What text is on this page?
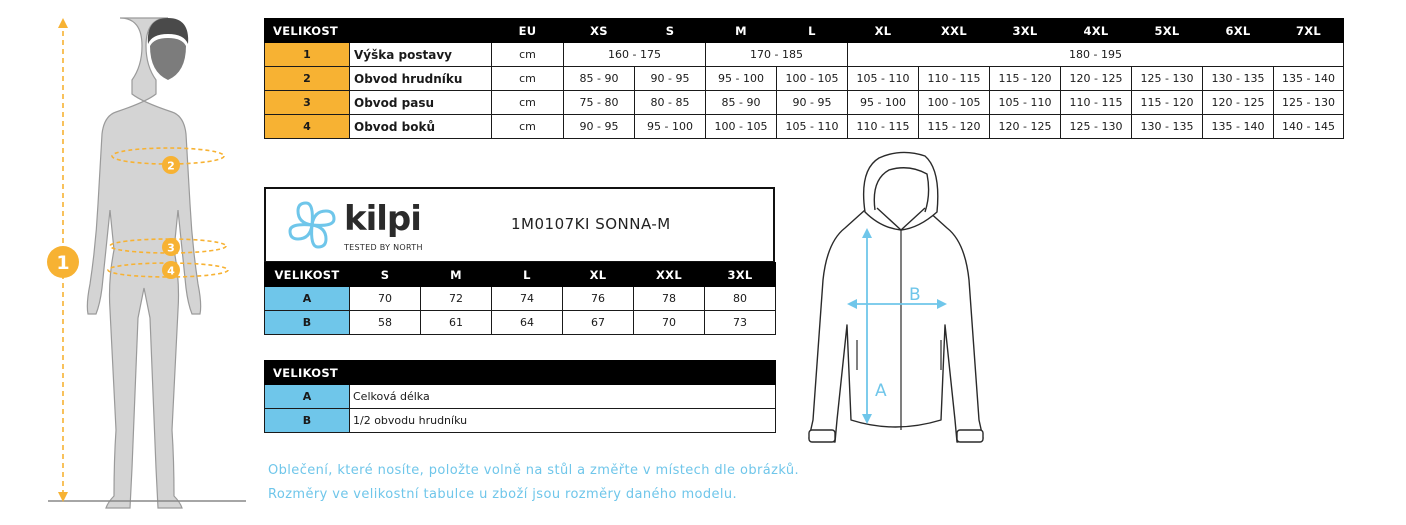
1
2
3
4
VELIKOST		EU	XS	S	M	L	XL	XXL	3XL	4XL	5XL	6XL	7XL
1	Výška postavy	cm	160 - 175		170 - 185		180 - 195						
2	Obvod hrudníku	cm	85 - 90	90 - 95	95 - 100	100 - 105	105 - 110	110 - 115	115 - 120	120 - 125	125 - 130	130 - 135	135 - 140
3	Obvod pasu	cm	75 - 80	80 - 85	85 - 90	90 - 95	95 - 100	100 - 105	105 - 110	110 - 115	115 - 120	120 - 125	125 - 130
4	Obvod boků	cm	90 - 95	95 - 100	100 - 105	105 - 110	110 - 115	115 - 120	120 - 125	125 - 130	130 - 135	135 - 140	140 - 145
kilpi
TESTED BY NORTH
1M0107KI SONNA-M
VELIKOST	S	M	L	XL	XXL	3XL
A	70	72	74	76	78	80
B	58	61	64	67	70	73
VELIKOST	
A	Celková délka
B	1/2 obvodu hrudníku
A
B
Oblečení, které nosíte, položte volně na stůl a změřte v místech dle obrázků.
Rozměry ve velikostní tabulce u zboží jsou rozměry daného modelu.
